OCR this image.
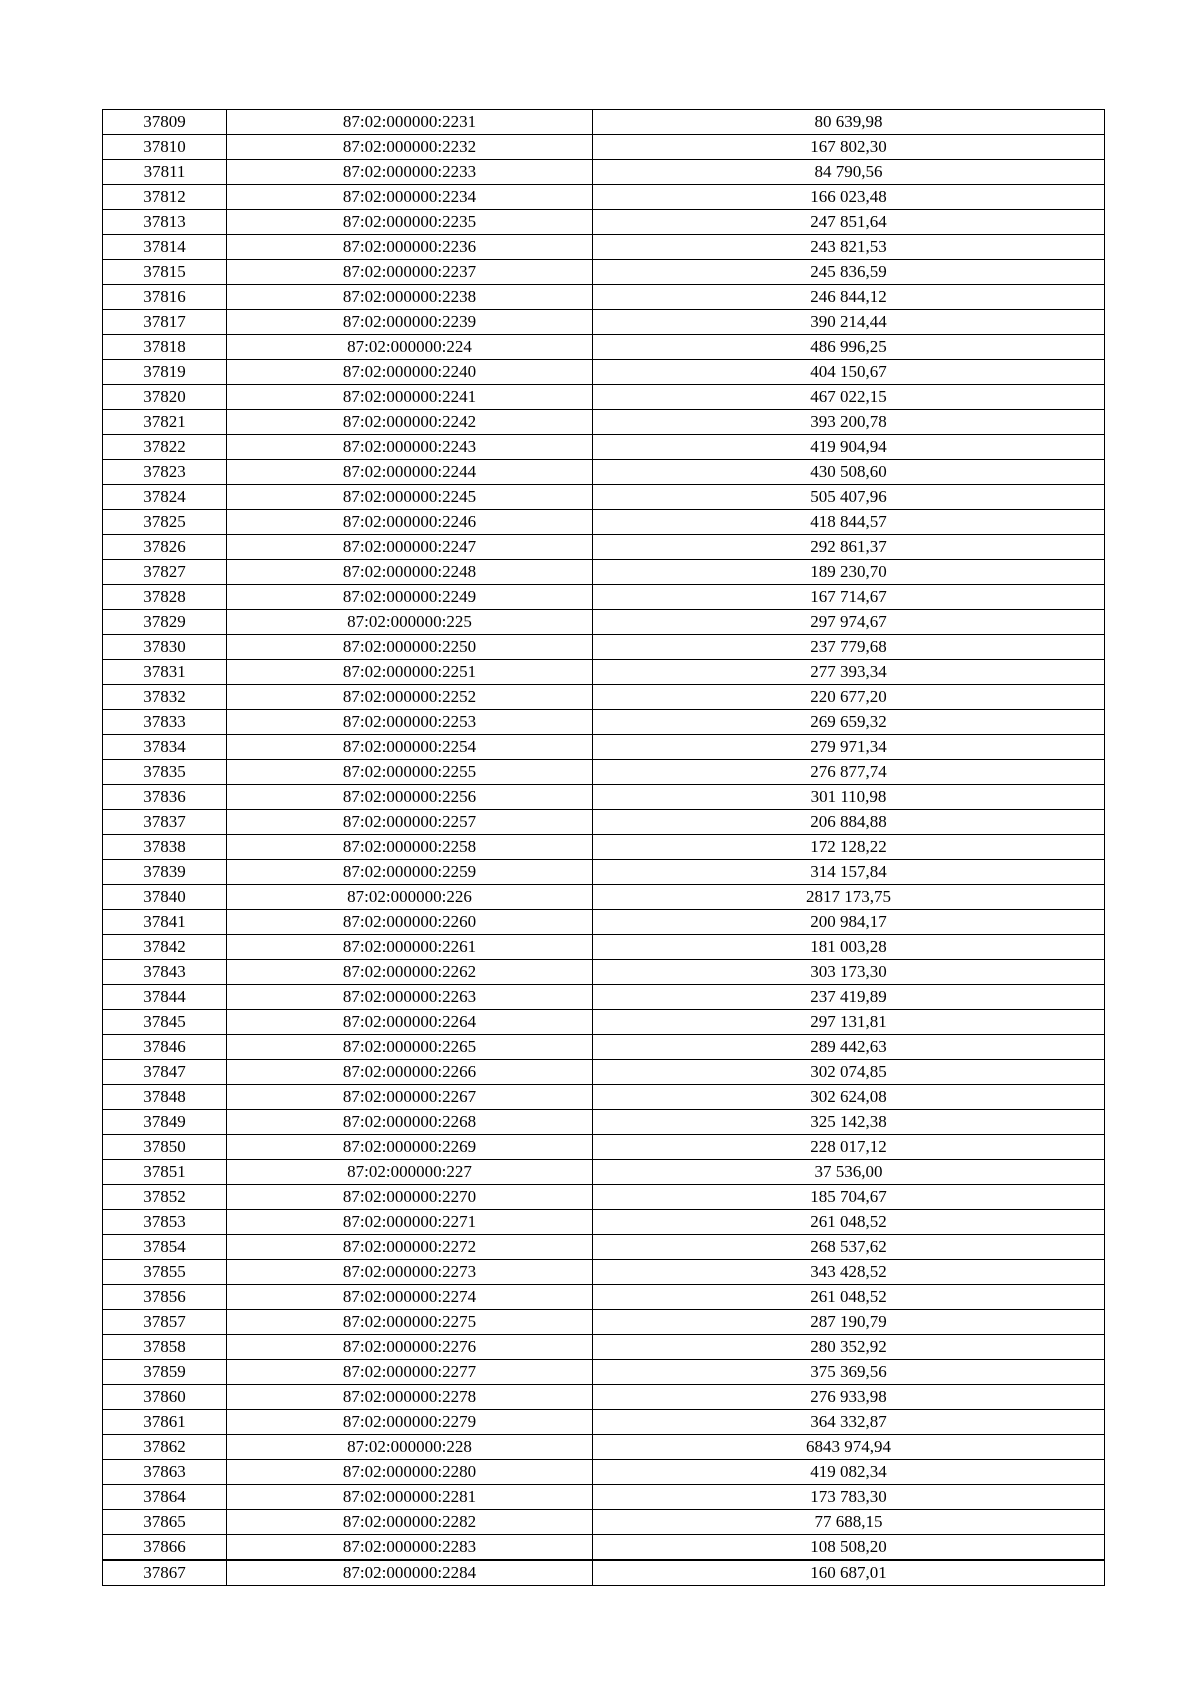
37809	87:02:000000:2231	80 639,98
37810	87:02:000000:2232	167 802,30
37811	87:02:000000:2233	84 790,56
37812	87:02:000000:2234	166 023,48
37813	87:02:000000:2235	247 851,64
37814	87:02:000000:2236	243 821,53
37815	87:02:000000:2237	245 836,59
37816	87:02:000000:2238	246 844,12
37817	87:02:000000:2239	390 214,44
37818	87:02:000000:224	486 996,25
37819	87:02:000000:2240	404 150,67
37820	87:02:000000:2241	467 022,15
37821	87:02:000000:2242	393 200,78
37822	87:02:000000:2243	419 904,94
37823	87:02:000000:2244	430 508,60
37824	87:02:000000:2245	505 407,96
37825	87:02:000000:2246	418 844,57
37826	87:02:000000:2247	292 861,37
37827	87:02:000000:2248	189 230,70
37828	87:02:000000:2249	167 714,67
37829	87:02:000000:225	297 974,67
37830	87:02:000000:2250	237 779,68
37831	87:02:000000:2251	277 393,34
37832	87:02:000000:2252	220 677,20
37833	87:02:000000:2253	269 659,32
37834	87:02:000000:2254	279 971,34
37835	87:02:000000:2255	276 877,74
37836	87:02:000000:2256	301 110,98
37837	87:02:000000:2257	206 884,88
37838	87:02:000000:2258	172 128,22
37839	87:02:000000:2259	314 157,84
37840	87:02:000000:226	2817 173,75
37841	87:02:000000:2260	200 984,17
37842	87:02:000000:2261	181 003,28
37843	87:02:000000:2262	303 173,30
37844	87:02:000000:2263	237 419,89
37845	87:02:000000:2264	297 131,81
37846	87:02:000000:2265	289 442,63
37847	87:02:000000:2266	302 074,85
37848	87:02:000000:2267	302 624,08
37849	87:02:000000:2268	325 142,38
37850	87:02:000000:2269	228 017,12
37851	87:02:000000:227	37 536,00
37852	87:02:000000:2270	185 704,67
37853	87:02:000000:2271	261 048,52
37854	87:02:000000:2272	268 537,62
37855	87:02:000000:2273	343 428,52
37856	87:02:000000:2274	261 048,52
37857	87:02:000000:2275	287 190,79
37858	87:02:000000:2276	280 352,92
37859	87:02:000000:2277	375 369,56
37860	87:02:000000:2278	276 933,98
37861	87:02:000000:2279	364 332,87
37862	87:02:000000:228	6843 974,94
37863	87:02:000000:2280	419 082,34
37864	87:02:000000:2281	173 783,30
37865	87:02:000000:2282	77 688,15
37866	87:02:000000:2283	108 508,20
37867	87:02:000000:2284	160 687,01
